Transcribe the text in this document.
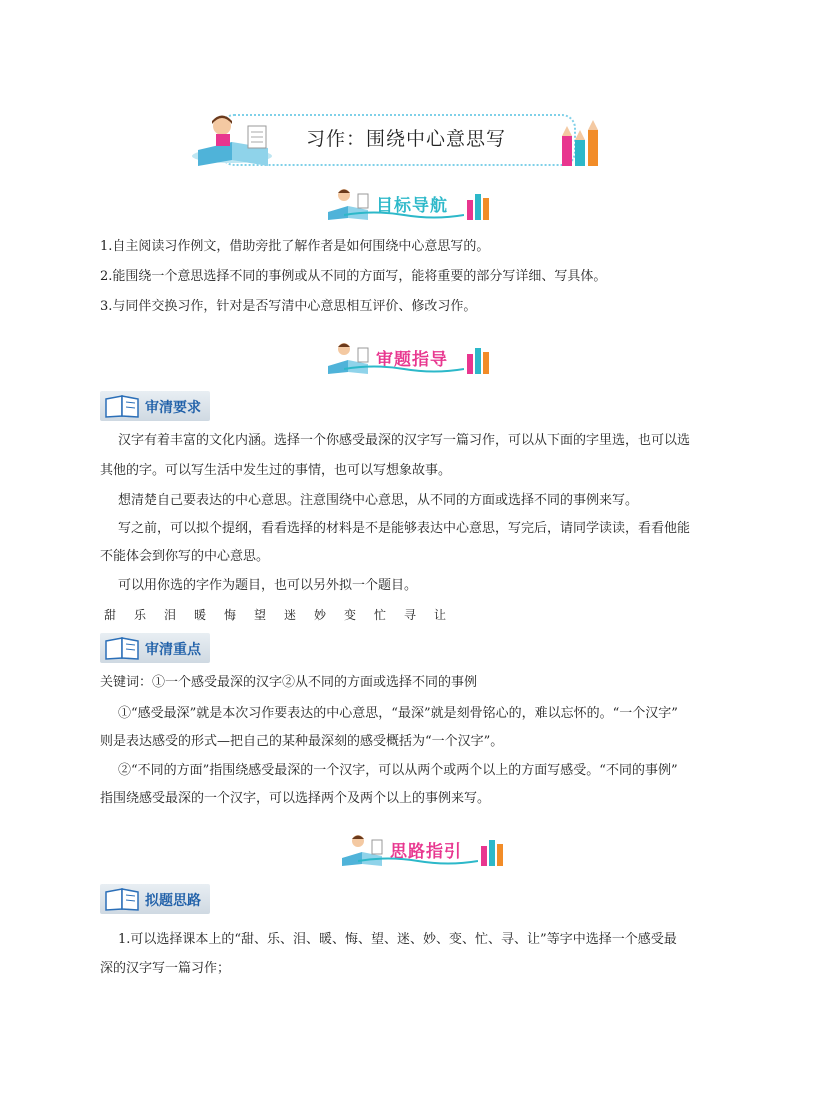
习作：围绕中心意思写
目标导航
1.自主阅读习作例文，借助旁批了解作者是如何围绕中心意思写的。
2.能围绕一个意思选择不同的事例或从不同的方面写，能将重要的部分写详细、写具体。
3.与同伴交换习作，针对是否写清中心意思相互评价、修改习作。
审题指导
审清要求
汉字有着丰富的文化内涵。选择一个你感受最深的汉字写一篇习作，可以从下面的字里选，也可以选
其他的字。可以写生活中发生过的事情，也可以写想象故事。
想清楚自己要表达的中心意思。注意围绕中心意思，从不同的方面或选择不同的事例来写。
写之前，可以拟个提纲，看看选择的材料是不是能够表达中心意思，写完后，请同学读读，看看他能
不能体会到你写的中心意思。
可以用你选的字作为题目，也可以另外拟一个题目。
甜乐泪暖悔望迷妙变忙寻让
审清重点
关键词：①一个感受最深的汉字②从不同的方面或选择不同的事例
①“感受最深”就是本次习作要表达的中心意思，“最深”就是刻骨铭心的，难以忘怀的。“一个汉字”
则是表达感受的形式—把自己的某种最深刻的感受概括为“一个汉字”。
②“不同的方面”指围绕感受最深的一个汉字，可以从两个或两个以上的方面写感受。“不同的事例”
指围绕感受最深的一个汉字，可以选择两个及两个以上的事例来写。
思路指引
拟题思路
1.可以选择课本上的“甜、乐、泪、暖、悔、望、迷、妙、变、忙、寻、让”等字中选择一个感受最
深的汉字写一篇习作；
